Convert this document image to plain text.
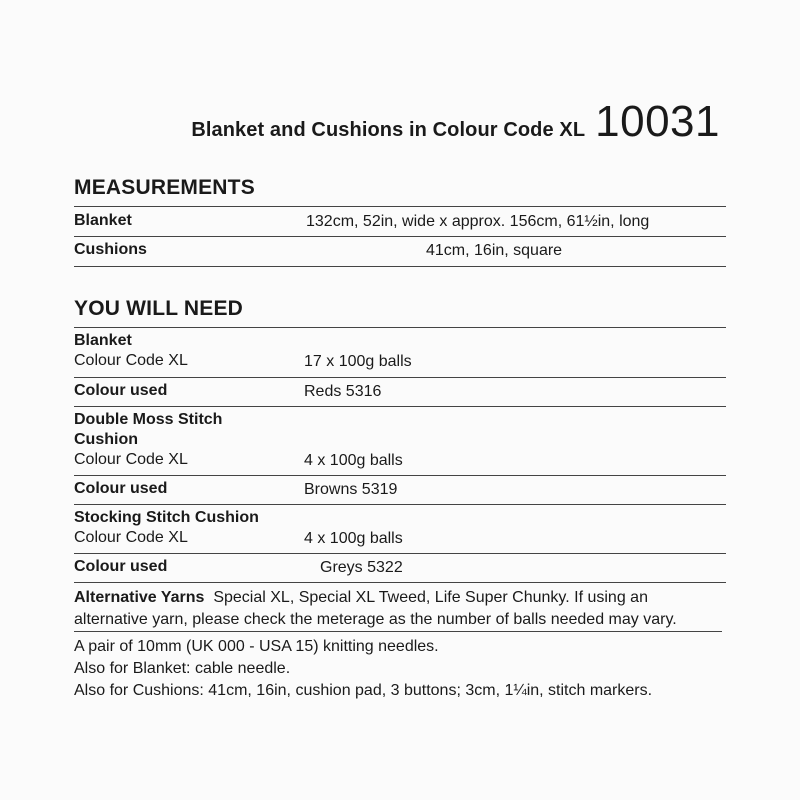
Blanket and Cushions in Colour Code XL 10031
MEASUREMENTS
Blanket	132cm, 52in, wide x approx. 156cm, 61½in, long
Cushions	41cm, 16in, square
YOU WILL NEED
Blanket
Colour Code XL	17 x 100g balls
Colour used	Reds 5316
Double Moss Stitch
Cushion
Colour Code XL	4 x 100g balls
Colour used	Browns 5319
Stocking Stitch Cushion
Colour Code XL	4 x 100g balls
Colour used	Greys 5322
Alternative Yarns Special XL, Special XL Tweed, Life Super Chunky. If using an
alternative yarn, please check the meterage as the number of balls needed may vary.
A pair of 10mm (UK 000 - USA 15) knitting needles.
Also for Blanket: cable needle.
Also for Cushions: 41cm, 16in, cushion pad, 3 buttons; 3cm, 1¼in, stitch markers.
